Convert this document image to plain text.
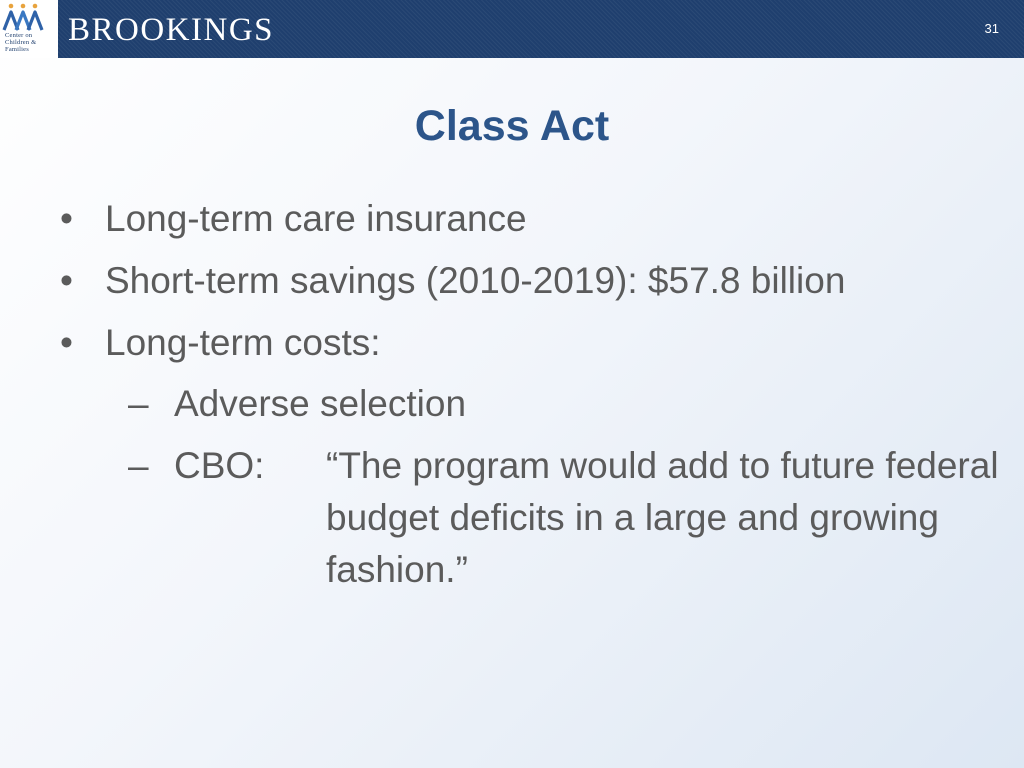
Center on
Children &
Families
BROOKINGS	31
Class Act
• Long-term care insurance
• Short-term savings (2010-2019): $57.8 billion
• Long-term costs:
– Adverse selection
– CBO: “The program would add to future federal budget deficits in a large and growing fashion.”
